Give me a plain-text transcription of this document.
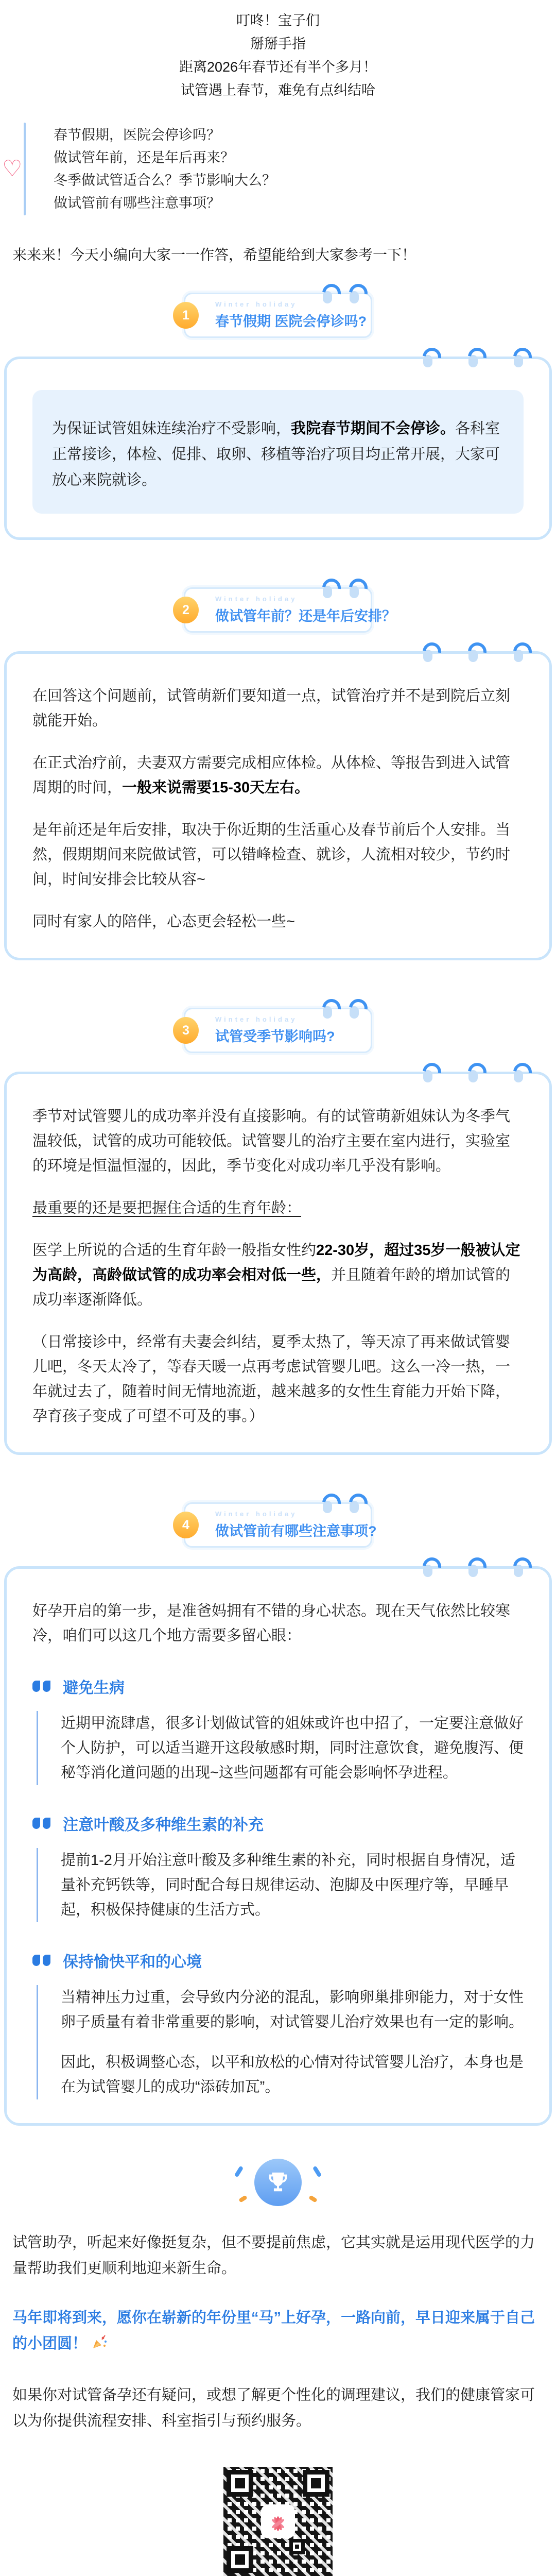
叮咚！宝子们
掰掰手指
距离2026年春节还有半个多月！
试管遇上春节，难免有点纠结哈
♡
春节假期，医院会停诊吗？
做试管年前，还是年后再来？
冬季做试管适合么？季节影响大么？
做试管前有哪些注意事项？
来来来！今天小编向大家一一作答，希望能给到大家参考一下！
1
Winter holiday
春节假期 医院会停诊吗?

为保证试管姐妹连续治疗不受影响，我院春节期间不会停诊。各科室正常接诊，体检、促排、取卵、移植等治疗项目均正常开展，大家可放心来院就诊。

2
Winter holiday
做试管年前？还是年后安排？

在回答这个问题前，试管萌新们要知道一点，试管治疗并不是到院后立刻就能开始。

在正式治疗前，夫妻双方需要完成相应体检。从体检、等报告到进入试管周期的时间，一般来说需要15-30天左右。

是年前还是年后安排，取决于你近期的生活重心及春节前后个人安排。当然，假期期间来院做试管，可以错峰检查、就诊，人流相对较少，节约时间，时间安排会比较从容~

同时有家人的陪伴，心态更会轻松一些~

3
Winter holiday
试管受季节影响吗?

季节对试管婴儿的成功率并没有直接影响。有的试管萌新姐妹认为冬季气温较低，试管的成功可能较低。试管婴儿的治疗主要在室内进行，实验室的环境是恒温恒湿的，因此，季节变化对成功率几乎没有影响。

最重要的还是要把握住合适的生育年龄：

医学上所说的合适的生育年龄一般指女性约22-30岁，超过35岁一般被认定为高龄，高龄做试管的成功率会相对低一些，并且随着年龄的增加试管的成功率逐渐降低。

（日常接诊中，经常有夫妻会纠结，夏季太热了，等天凉了再来做试管婴儿吧，冬天太冷了，等春天暖一点再考虑试管婴儿吧。这么一冷一热，一年就过去了，随着时间无情地流逝，越来越多的女性生育能力开始下降，孕育孩子变成了可望不可及的事。）

4
Winter holiday
做试管前有哪些注意事项?

好孕开启的第一步，是准爸妈拥有不错的身心状态。现在天气依然比较寒冷，咱们可以这几个地方需要多留心眼：

避免生病

近期甲流肆虐，很多计划做试管的姐妹或许也中招了，一定要注意做好个人防护，可以适当避开这段敏感时期，同时注意饮食，避免腹泻、便秘等消化道问题的出现~这些问题都有可能会影响怀孕进程。

注意叶酸及多种维生素的补充

提前1-2月开始注意叶酸及多种维生素的补充，同时根据自身情况，适量补充钙铁等，同时配合每日规律运动、泡脚及中医理疗等，早睡早起，积极保持健康的生活方式。

保持愉快平和的心境

当精神压力过重，会导致内分泌的混乱，影响卵巢排卵能力，对于女性卵子质量有着非常重要的影响，对试管婴儿治疗效果也有一定的影响。

因此，积极调整心态，以平和放松的心情对待试管婴儿治疗，本身也是在为试管婴儿的成功“添砖加瓦”。

试管助孕，听起来好像挺复杂，但不要提前焦虑，它其实就是运用现代医学的力量帮助我们更顺利地迎来新生命。

马年即将到来，愿你在崭新的年份里“马”上好孕，一路向前，早日迎来属于自己的小团圆！

如果你对试管备孕还有疑问，或想了解更个性化的调理建议，我们的健康管家可以为你提供流程安排、科室指引与预约服务。
